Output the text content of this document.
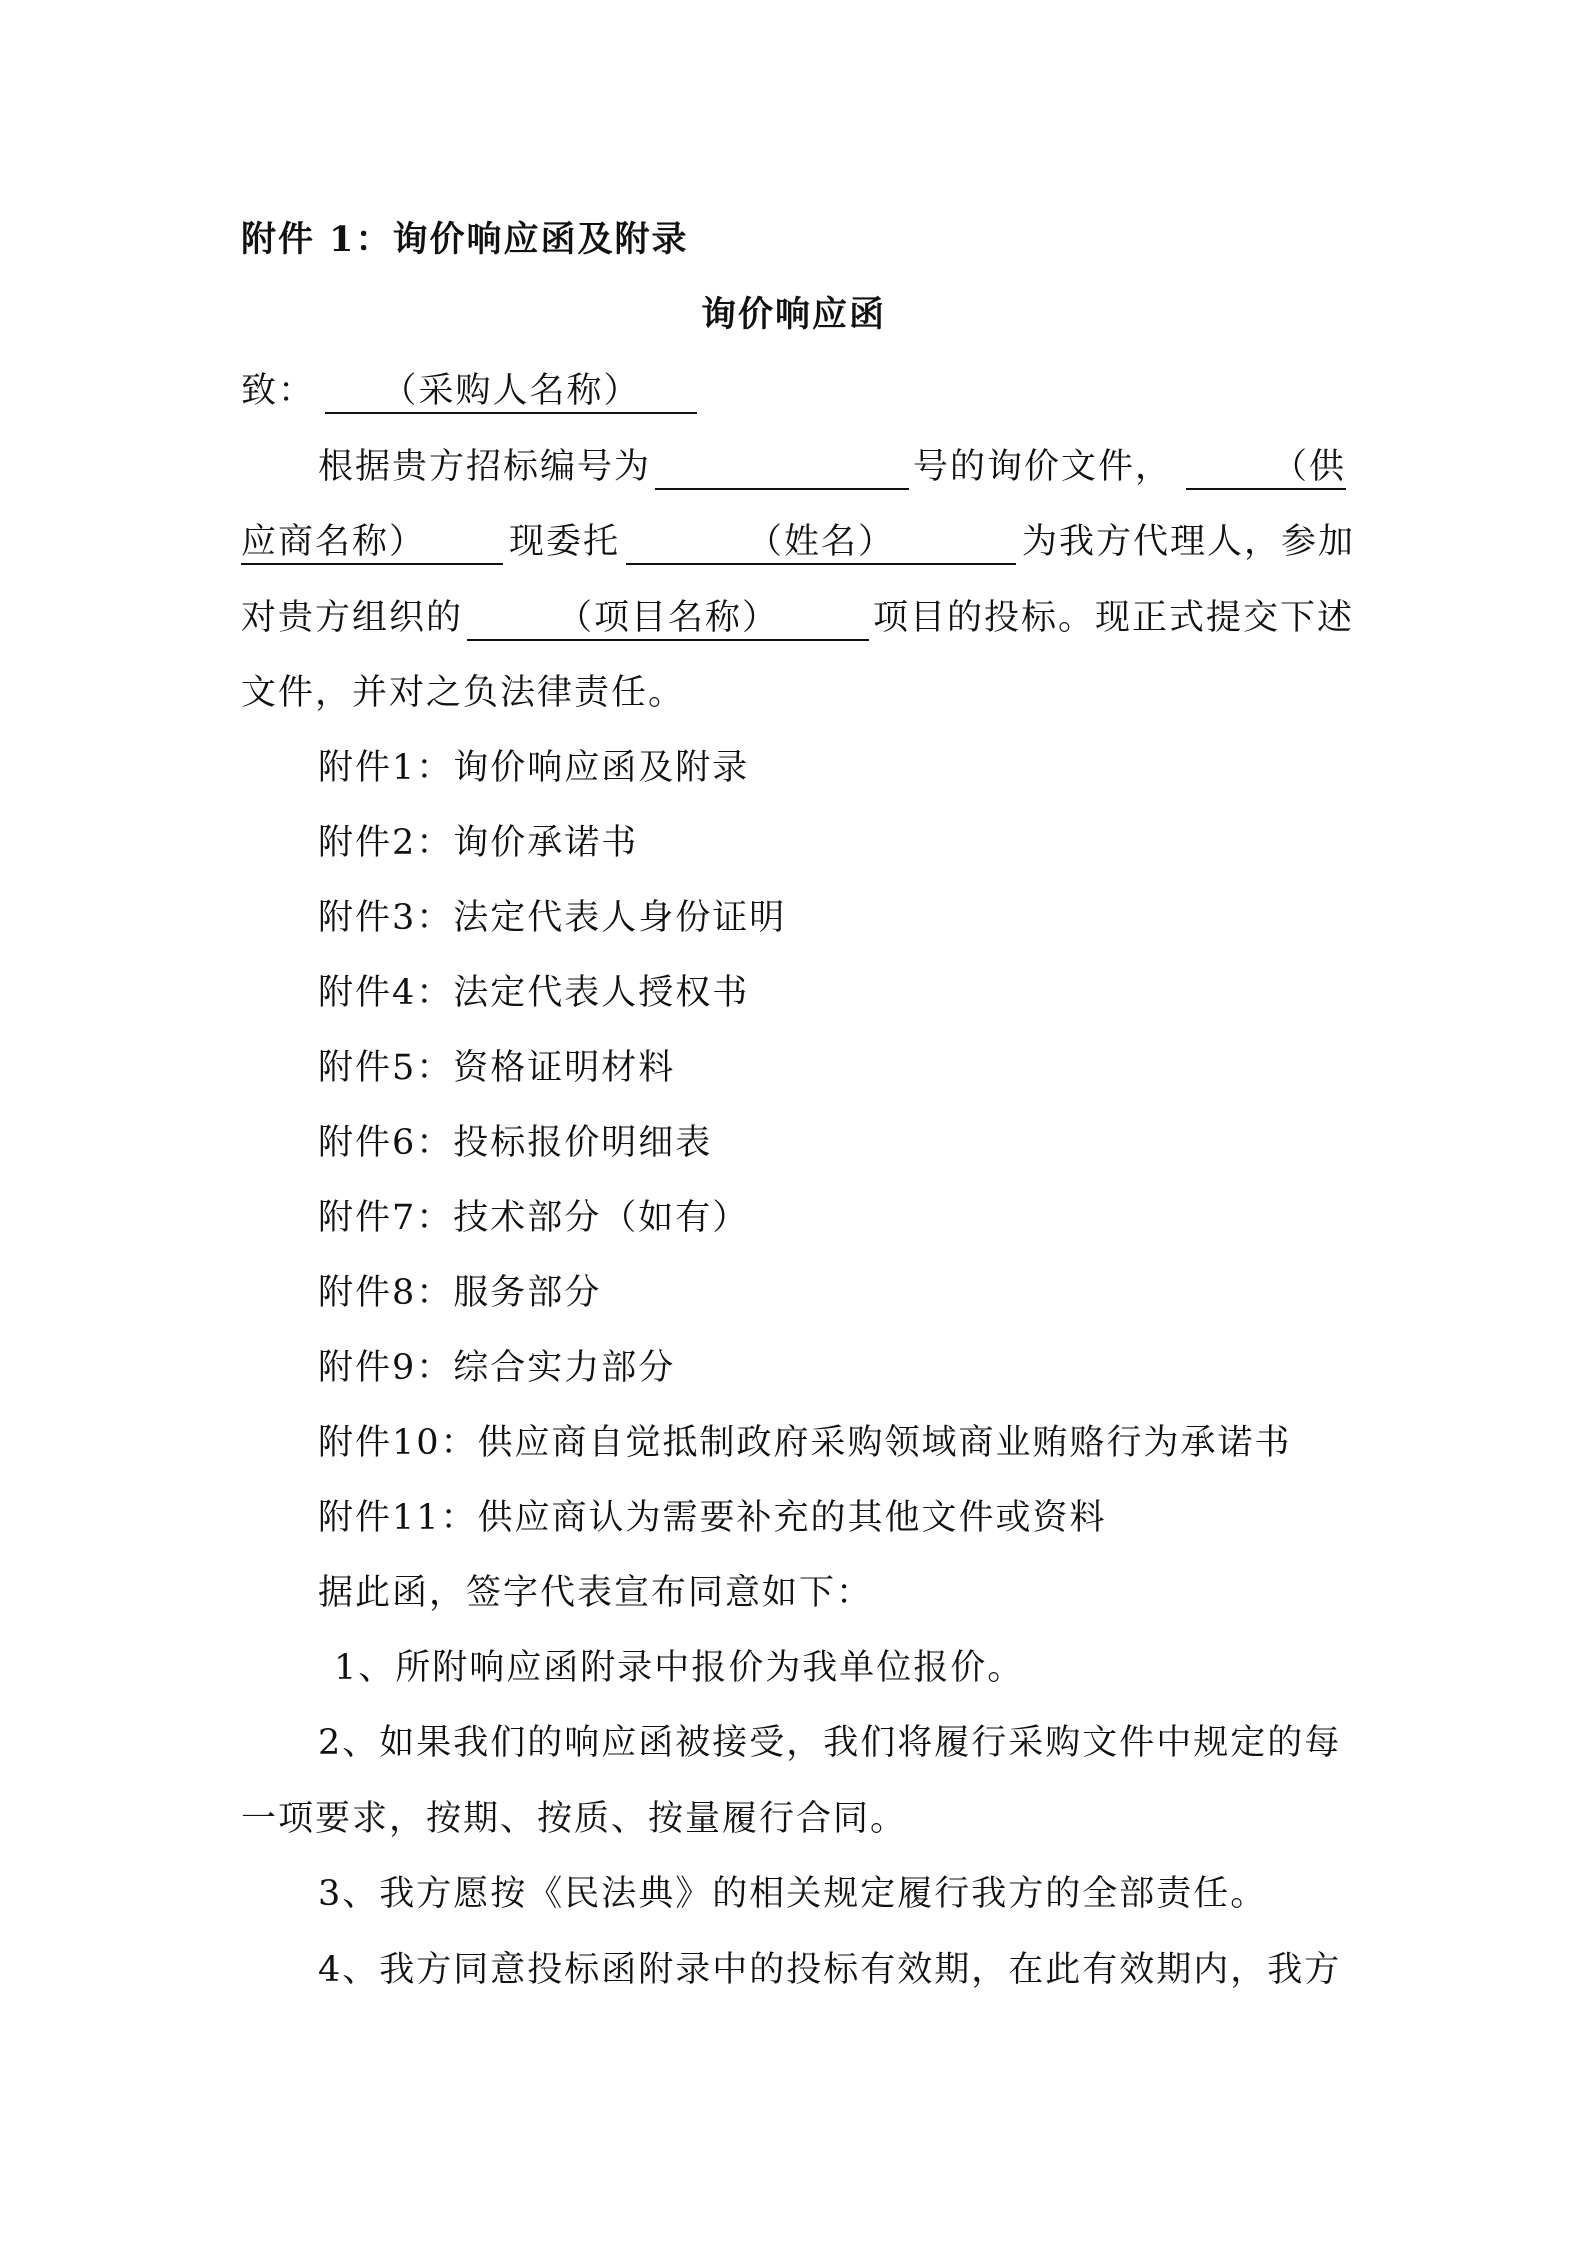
附件 1：询价响应函及附录
询价响应函
致： （采购人名称）
根据贵方招标编号为	号的询价文件，	（供
应商名称） 现委托	（姓名）	为我方代理人，参加
对贵方组织的	（项目名称）	项目的投标。现正式提交下述
文件，并对之负法律责任。
附件1：询价响应函及附录
附件2：询价承诺书
附件3：法定代表人身份证明
附件4：法定代表人授权书
附件5：资格证明材料
附件6：投标报价明细表
附件7：技术部分（如有）
附件8：服务部分
附件9：综合实力部分
附件10：供应商自觉抵制政府采购领域商业贿赂行为承诺书
附件11：供应商认为需要补充的其他文件或资料
据此函，签字代表宣布同意如下：
1、所附响应函附录中报价为我单位报价。
2、如果我们的响应函被接受，我们将履行采购文件中规定的每
一项要求，按期、按质、按量履行合同。
3、我方愿按《民法典》的相关规定履行我方的全部责任。
4、我方同意投标函附录中的投标有效期，在此有效期内，我方
